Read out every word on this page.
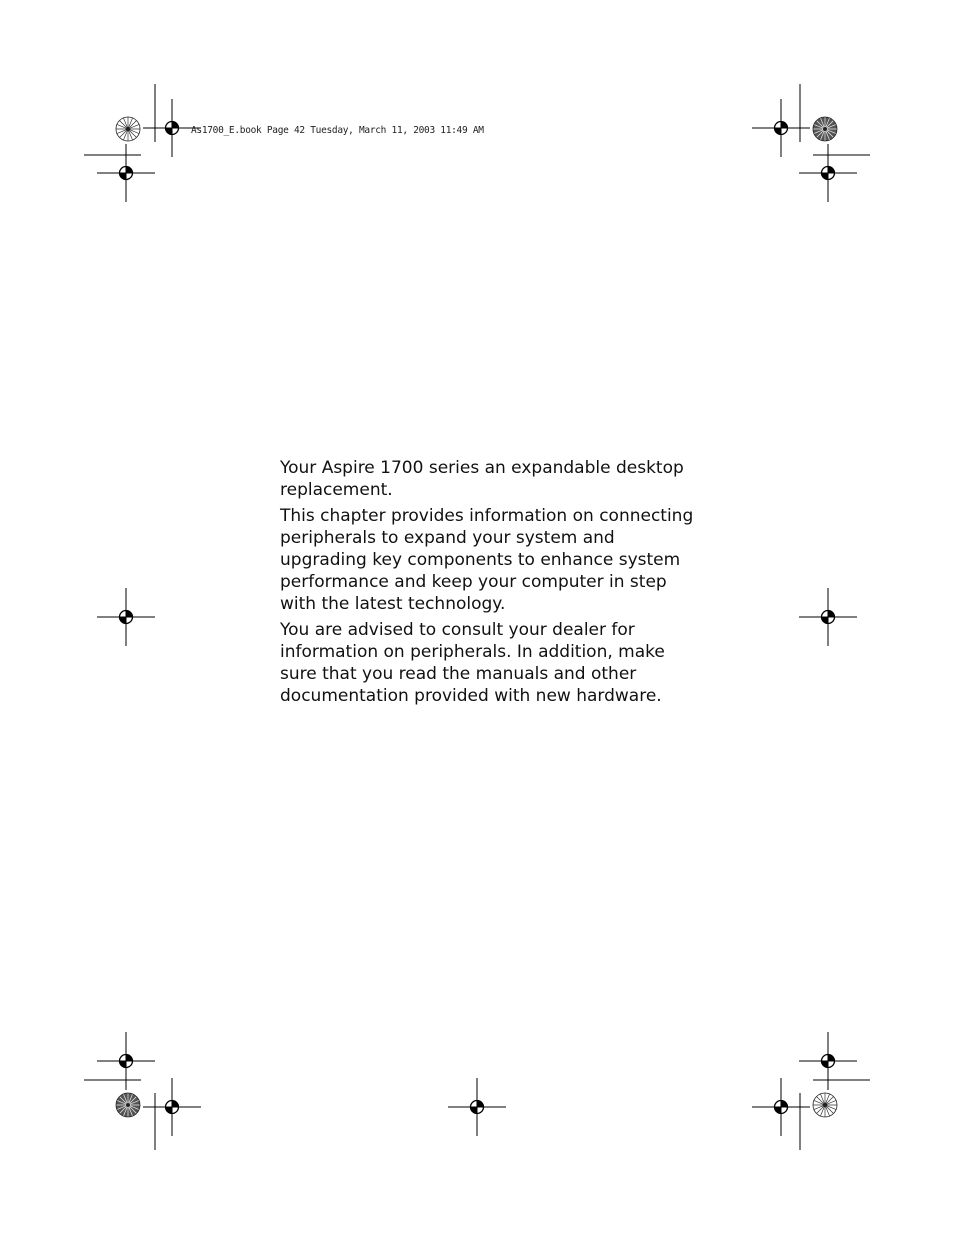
As1700_E.book Page 42 Tuesday, March 11, 2003 11:49 AM

Your Aspire 1700 series an expandable desktop replacement.

This chapter provides information on connecting peripherals to expand your system and upgrading key components to enhance system performance and keep your computer in step with the latest technology.

You are advised to consult your dealer for information on peripherals. In addition, make sure that you read the manuals and other documentation provided with new hardware.
